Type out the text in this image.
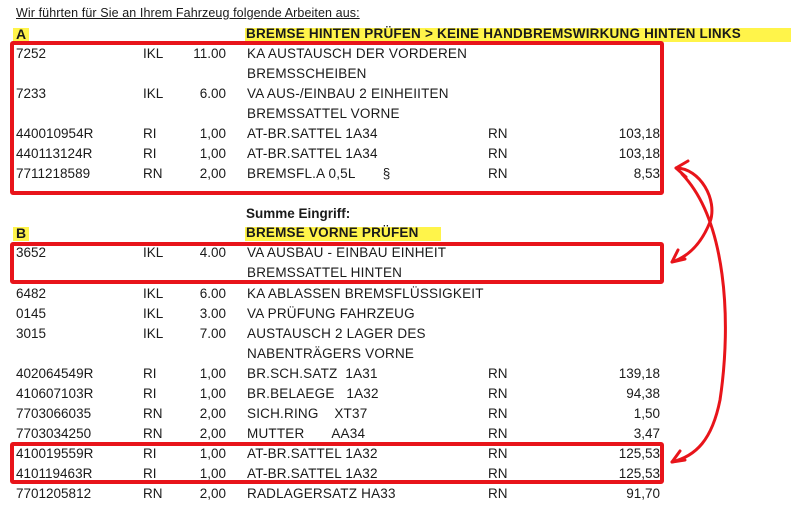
Wir führten für Sie an Ihrem Fahrzeug folgende Arbeiten aus:
A	BREMSE HINTEN PRÜFEN > KEINE HANDBREMSWIRKUNG HINTEN LINKS
7252	IKL	11.00 KA AUSTAUSCH DER VORDEREN
BREMSSCHEIBEN
7233	IKL	6.00 VA AUS-/EINBAU 2 EINHEIITEN
BREMSSATTEL VORNE
440010954R	RI	1,00 AT-BR.SATTEL 1A34	RN	103,18
440113124R	RI	1,00 AT-BR.SATTEL 1A34	RN	103,18
7711218589	RN	2,00 BREMSFL.A 0,5L       §	RN	8,53
Summe Eingriff:
B	BREMSE VORNE PRÜFEN
3652	IKL	4.00 VA AUSBAU - EINBAU EINHEIT
BREMSSATTEL HINTEN
6482	IKL	6.00 KA ABLASSEN BREMSFLÜSSIGKEIT
0145	IKL	3.00 VA PRÜFUNG FAHRZEUG
3015	IKL	7.00 AUSTAUSCH 2 LAGER DES
NABENTRÄGERS VORNE
402064549R	RI	1,00 BR.SCH.SATZ  1A31	RN	139,18
410607103R	RI	1,00 BR.BELAEGE   1A32	RN	94,38
7703066035	RN	2,00 SICH.RING    XT37	RN	1,50
7703034250	RN	2,00 MUTTER       AA34	RN	3,47
410019559R	RI	1,00 AT-BR.SATTEL 1A32	RN	125,53
410119463R	RI	1,00 AT-BR.SATTEL 1A32	RN	125,53
7701205812	RN	2,00 RADLAGERSATZ HA33	RN	91,70
